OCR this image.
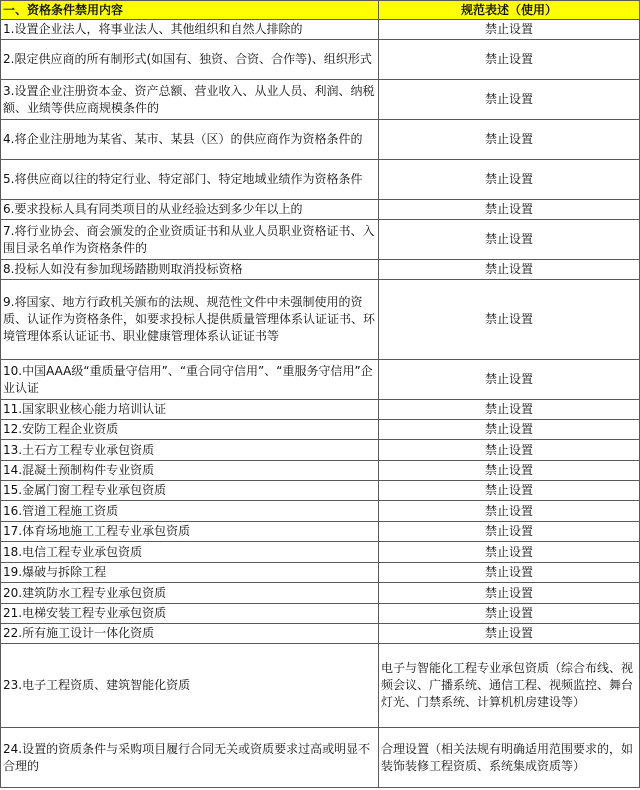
一、资格条件禁用内容	规范表述（使用）
1.设置企业法人，将事业法人、其他组织和自然人排除的	禁止设置
2.限定供应商的所有制形式(如国有、独资、合资、合作等)、组织形式	禁止设置
3.设置企业注册资本金、资产总额、营业收入、从业人员、利润、纳税额、业绩等供应商规模条件的	禁止设置
4.将企业注册地为某省、某市、某县（区）的供应商作为资格条件的	禁止设置
5.将供应商以往的特定行业、特定部门、特定地域业绩作为资格条件	禁止设置
6.要求投标人具有同类项目的从业经验达到多少年以上的	禁止设置
7.将行业协会、商会颁发的企业资质证书和从业人员职业资格证书、入围目录名单作为资格条件的	禁止设置
8.投标人如没有参加现场踏勘则取消投标资格	禁止设置
9.将国家、地方行政机关颁布的法规、规范性文件中未强制使用的资质、认证作为资格条件，如要求投标人提供质量管理体系认证证书、环境管理体系认证证书、职业健康管理体系认证证书等	禁止设置
10.中国AAA级“重质量守信用”、“重合同守信用”、“重服务守信用”企业认证	禁止设置
11.国家职业核心能力培训认证	禁止设置
12.安防工程企业资质	禁止设置
13.土石方工程专业承包资质	禁止设置
14.混凝土预制构件专业资质	禁止设置
15.金属门窗工程专业承包资质	禁止设置
16.管道工程施工资质	禁止设置
17.体育场地施工工程专业承包资质	禁止设置
18.电信工程专业承包资质	禁止设置
19.爆破与拆除工程	禁止设置
20.建筑防水工程专业承包资质	禁止设置
21.电梯安装工程专业承包资质	禁止设置
22.所有施工设计一体化资质	禁止设置
23.电子工程资质、建筑智能化资质	电子与智能化工程专业承包资质（综合布线、视频会议、广播系统、通信工程、视频监控、舞台灯光、门禁系统、计算机机房建设等）
24.设置的资质条件与采购项目履行合同无关或资质要求过高或明显不合理的	合理设置（相关法规有明确适用范围要求的，如装饰装修工程资质、系统集成资质等）
